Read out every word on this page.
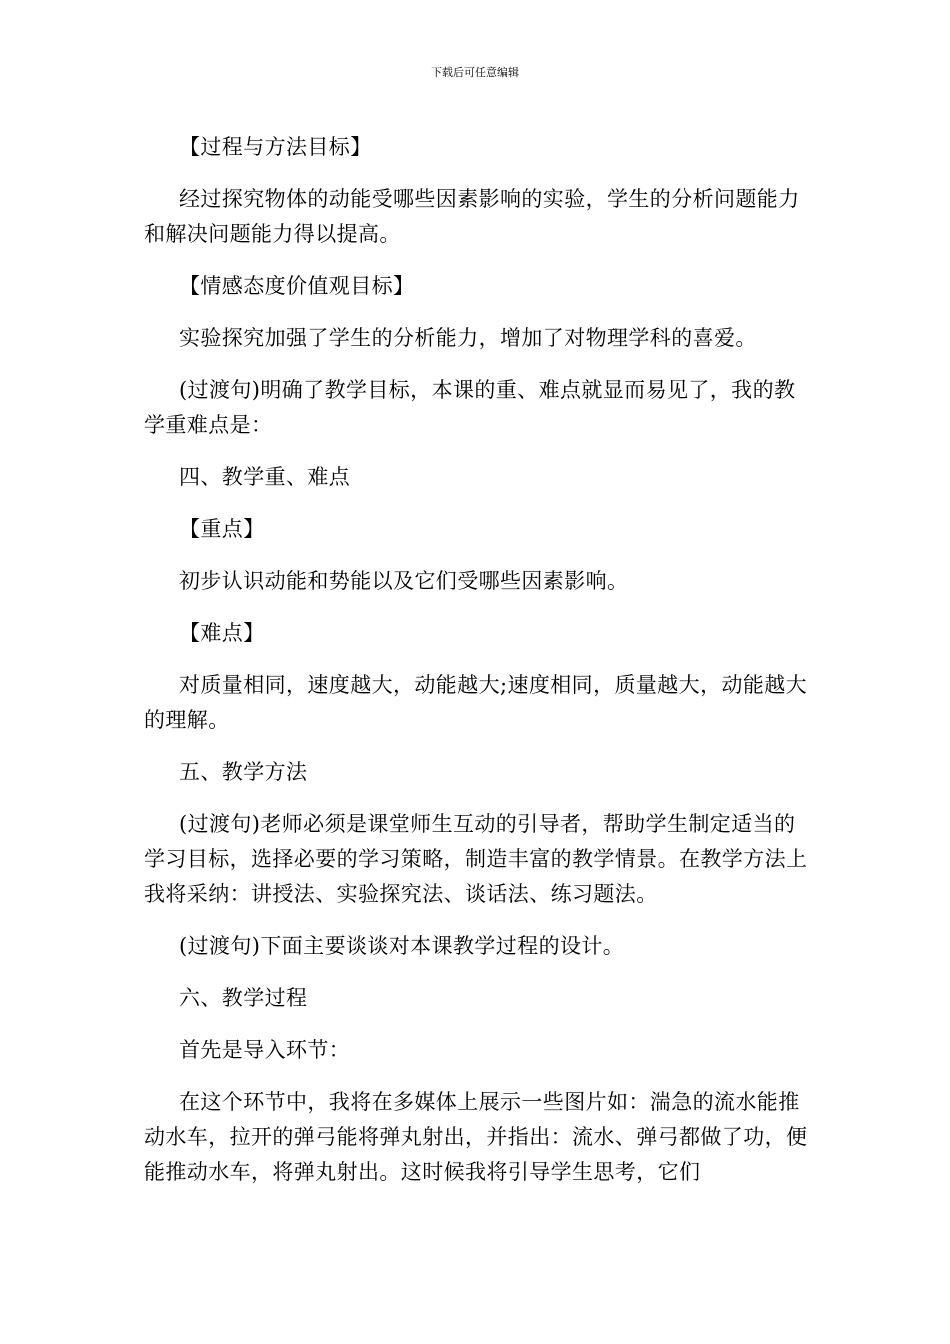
下载后可任意编辑

【过程与方法目标】

经过探究物体的动能受哪些因素影响的实验，学生的分析问题能力和解决问题能力得以提高。

【情感态度价值观目标】

实验探究加强了学生的分析能力，增加了对物理学科的喜爱。

(过渡句)明确了教学目标，本课的重、难点就显而易见了，我的教学重难点是：

四、教学重、难点

【重点】

初步认识动能和势能以及它们受哪些因素影响。

【难点】

对质量相同，速度越大，动能越大;速度相同，质量越大，动能越大的理解。

五、教学方法

(过渡句)老师必须是课堂师生互动的引导者，帮助学生制定适当的学习目标，选择必要的学习策略，制造丰富的教学情景。在教学方法上我将采纳：讲授法、实验探究法、谈话法、练习题法。

(过渡句)下面主要谈谈对本课教学过程的设计。

六、教学过程

首先是导入环节：

在这个环节中，我将在多媒体上展示一些图片如：湍急的流水能推动水车，拉开的弹弓能将弹丸射出，并指出：流水、弹弓都做了功，便能推动水车，将弹丸射出。这时候我将引导学生思考，它们
